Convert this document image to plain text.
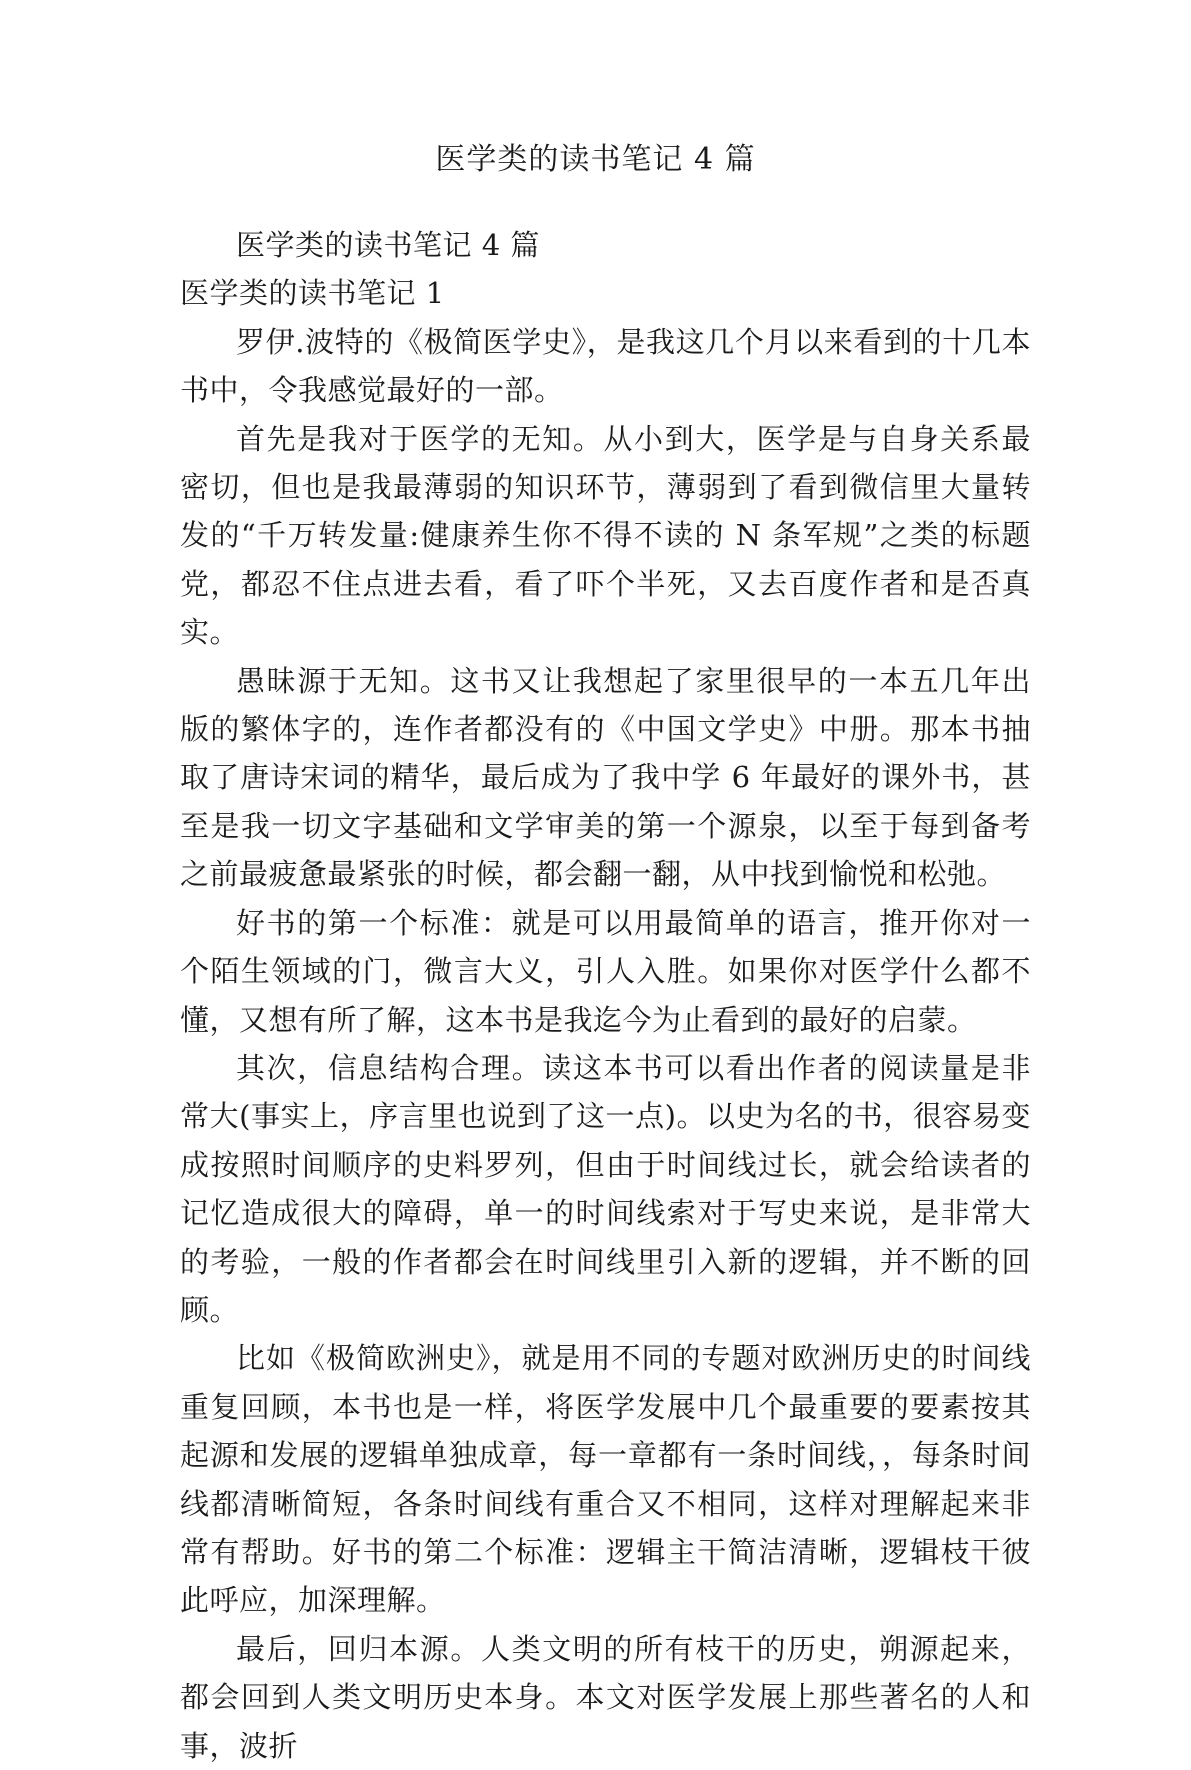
医学类的读书笔记 4 篇

医学类的读书笔记 4 篇

医学类的读书笔记 1

罗伊.波特的《极简医学史》，是我这几个月以来看到的十几本书中，令我感觉最好的一部。

首先是我对于医学的无知。从小到大，医学是与自身关系最密切，但也是我最薄弱的知识环节，薄弱到了看到微信里大量转发的“千万转发量:健康养生你不得不读的 N 条军规”之类的标题党，都忍不住点进去看，看了吓个半死，又去百度作者和是否真实。

愚昧源于无知。这书又让我想起了家里很早的一本五几年出版的繁体字的，连作者都没有的《中国文学史》中册。那本书抽取了唐诗宋词的精华，最后成为了我中学 6 年最好的课外书，甚至是我一切文字基础和文学审美的第一个源泉，以至于每到备考之前最疲惫最紧张的时候，都会翻一翻，从中找到愉悦和松弛。

好书的第一个标准：就是可以用最简单的语言，推开你对一个陌生领域的门，微言大义，引人入胜。如果你对医学什么都不懂，又想有所了解，这本书是我迄今为止看到的最好的启蒙。

其次，信息结构合理。读这本书可以看出作者的阅读量是非常大(事实上，序言里也说到了这一点)。以史为名的书，很容易变成按照时间顺序的史料罗列，但由于时间线过长，就会给读者的记忆造成很大的障碍，单一的时间线索对于写史来说，是非常大的考验，一般的作者都会在时间线里引入新的逻辑，并不断的回顾。

比如《极简欧洲史》，就是用不同的专题对欧洲历史的时间线重复回顾，本书也是一样，将医学发展中几个最重要的要素按其起源和发展的逻辑单独成章，每一章都有一条时间线，，每条时间线都清晰简短，各条时间线有重合又不相同，这样对理解起来非常有帮助。好书的第二个标准：逻辑主干简洁清晰，逻辑枝干彼此呼应，加深理解。

最后，回归本源。人类文明的所有枝干的历史，朔源起来，都会回到人类文明历史本身。本文对医学发展上那些著名的人和事，波折
